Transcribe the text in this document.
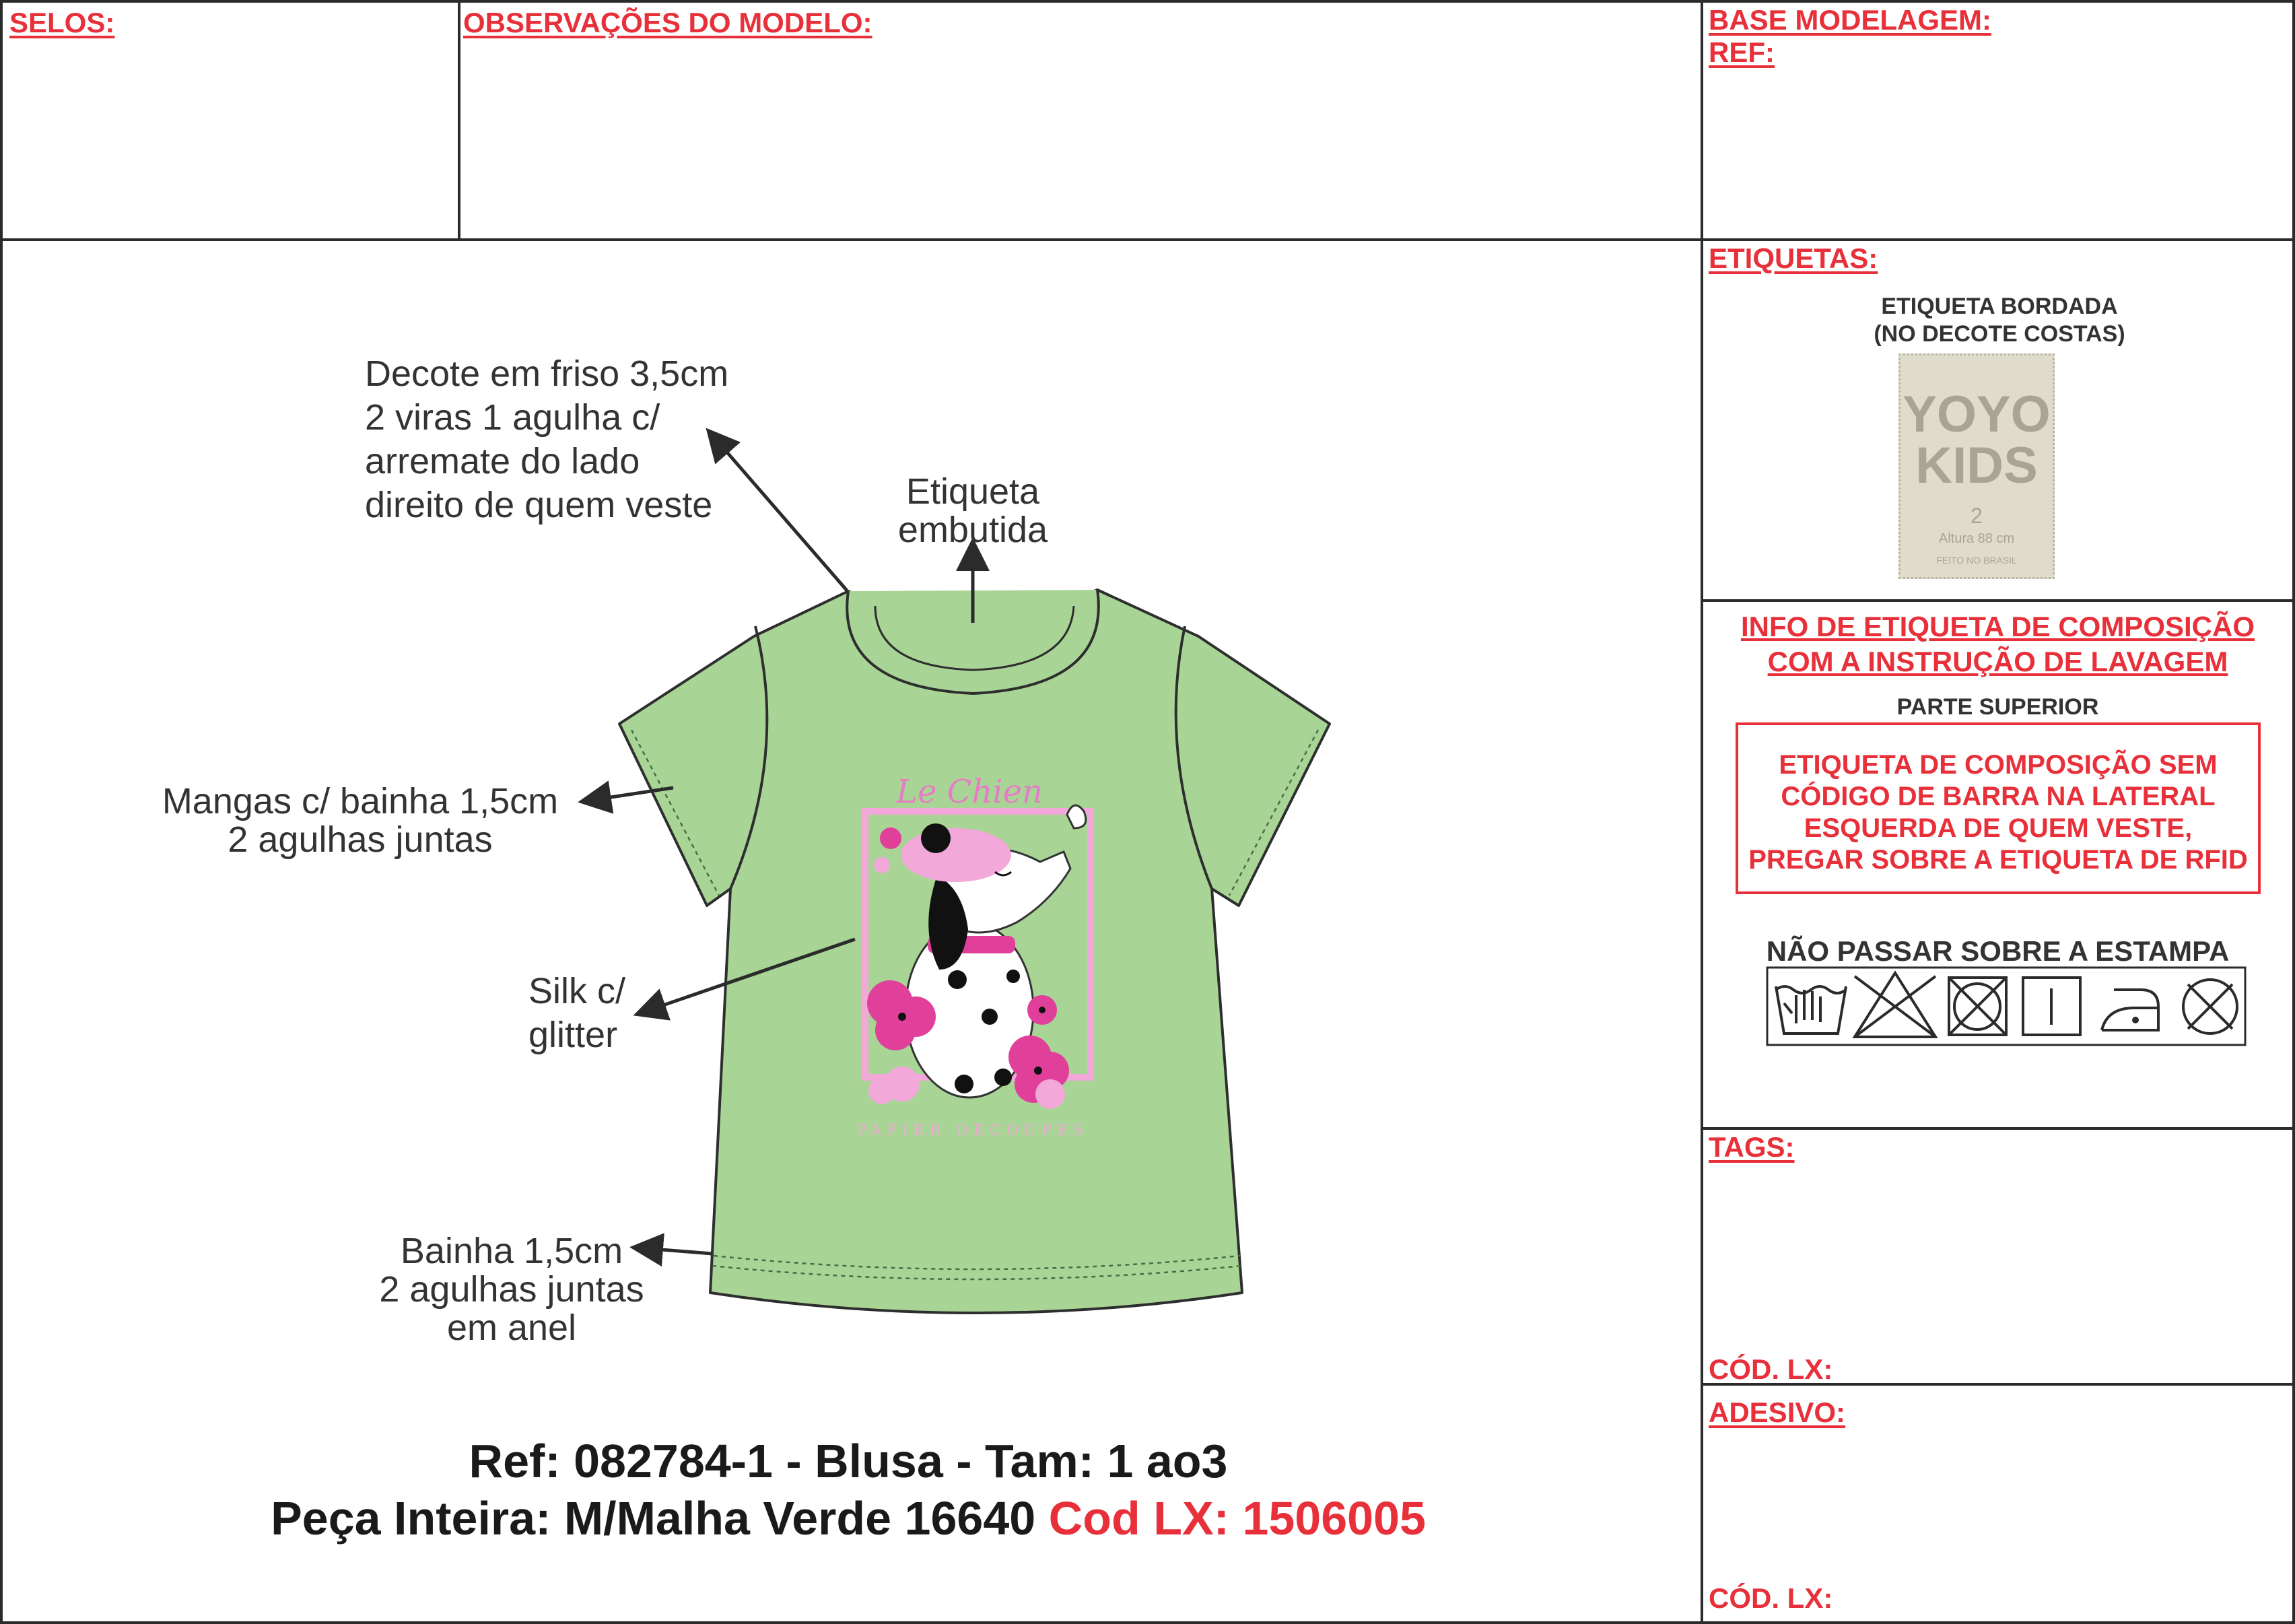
SELOS:	OBSERVAÇÕES DO MODELO:	BASE MODELAGEM:
REF:
ETIQUETAS:
TAGS:
CÓD. LX:
ADESIVO:
CÓD. LX:
Le Chien
PAPIER DECOUPES
Decote em friso 3,5cm
2 viras 1 agulha c/
arremate do lado
direito de quem veste	Etiqueta
embutida
Mangas c/ bainha 1,5cm
2 agulhas juntas
Silk c/
glitter
Bainha 1,5cm
2 agulhas juntas
em anel
Ref: 082784-1 - Blusa - Tam: 1 ao3
Peça Inteira: M/Malha Verde 16640 Cod LX: 1506005
ETIQUETA BORDADA
(NO DECOTE COSTAS)
YOYO
KIDS
2
Altura 88 cm
FEITO NO BRASIL
INFO DE ETIQUETA DE COMPOSIÇÃO
COM A INSTRUÇÃO DE LAVAGEM
PARTE SUPERIOR
ETIQUETA DE COMPOSIÇÃO SEM CÓDIGO DE BARRA NA LATERAL ESQUERDA DE QUEM VESTE, PREGAR SOBRE A ETIQUETA DE RFID
NÃO PASSAR SOBRE A ESTAMPA
